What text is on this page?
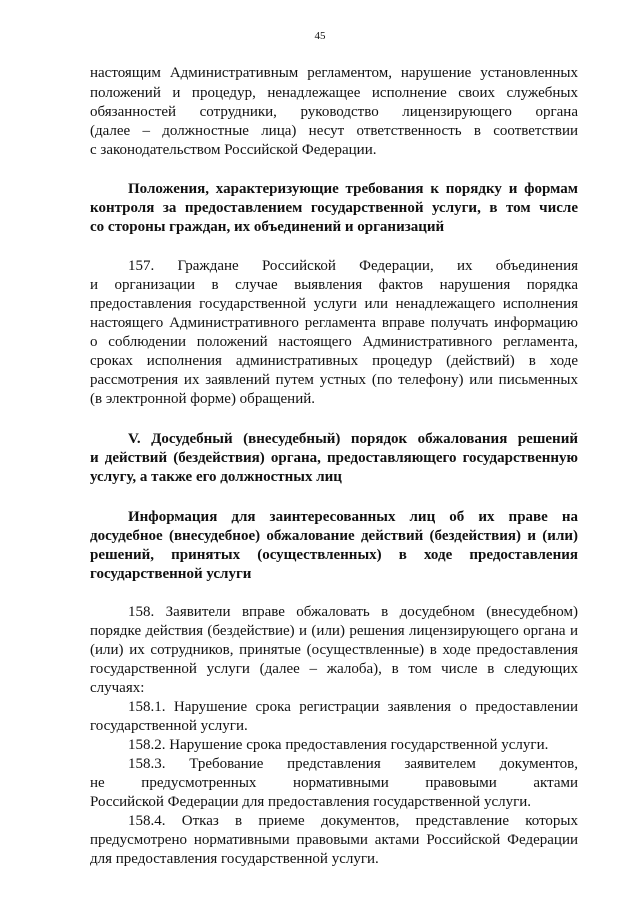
45
настоящим Административным регламентом, нарушение установленных
положений и процедур, ненадлежащее исполнение своих служебных
обязанностей сотрудники, руководство лицензирующего органа
(далее – должностные лица) несут ответственность в соответствии
с законодательством Российской Федерации.
Положения, характеризующие требования к порядку и формам
контроля за предоставлением государственной услуги, в том числе
со стороны граждан, их объединений и организаций
157. Граждане Российской Федерации, их объединения
и организации в случае выявления фактов нарушения порядка
предоставления государственной услуги или ненадлежащего исполнения
настоящего Административного регламента вправе получать информацию
о соблюдении положений настоящего Административного регламента,
сроках исполнения административных процедур (действий) в ходе
рассмотрения их заявлений путем устных (по телефону) или письменных
(в электронной форме) обращений.
V. Досудебный (внесудебный) порядок обжалования решений
и действий (бездействия) органа, предоставляющего государственную
услугу, а также его должностных лиц
Информация для заинтересованных лиц об их праве на
досудебное (внесудебное) обжалование действий (бездействия) и (или)
решений, принятых (осуществленных) в ходе предоставления
государственной услуги
158. Заявители вправе обжаловать в досудебном (внесудебном)
порядке действия (бездействие) и (или) решения лицензирующего органа и
(или) их сотрудников, принятые (осуществленные) в ходе предоставления
государственной услуги (далее – жалоба), в том числе в следующих
случаях:
158.1. Нарушение срока регистрации заявления о предоставлении
государственной услуги.
158.2. Нарушение срока предоставления государственной услуги.
158.3. Требование представления заявителем документов,
не предусмотренных нормативными правовыми актами
Российской Федерации для предоставления государственной услуги.
158.4. Отказ в приеме документов, представление которых
предусмотрено нормативными правовыми актами Российской Федерации
для предоставления государственной услуги.
